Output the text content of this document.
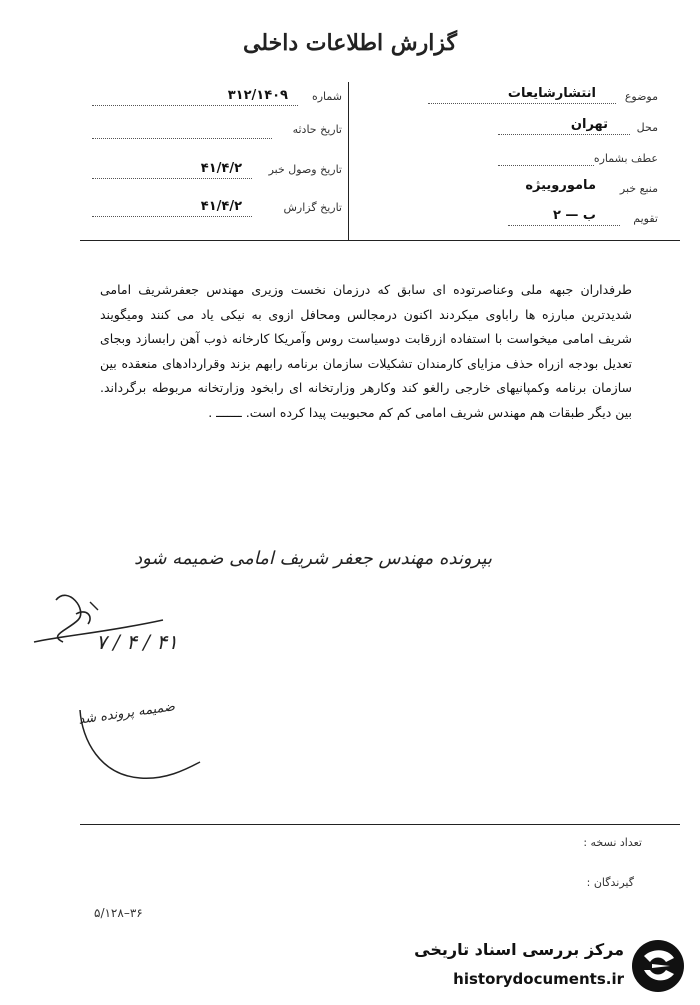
گزارش اطلاعات داخلی
شماره
۳۱۲/۱۴۰۹
تاریخ حادثه
تاریخ وصول خبر
۴۱/۴/۲
تاریخ گزارش
۴۱/۴/۲
موضوع
انتشارشایعات
محل
تهران
عطف بشماره
منبع خبر
ماموروییژه
تقویم
ب — ۲

طرفداران جبهه ملی وعناصرتوده ای سابق که درزمان نخست وزیری مهندس جعفرشریف امامی شدیدترین مبارزه ها راباوی میکردند اکنون درمجالس ومحافل ازوی به نیکی یاد می کنند ومیگویند شریف امامی میخواست با استفاده ازرقابت دوسیاست روس وآمریکا کارخانه ذوب آهن رابسازد وبجای تعدیل بودجه ازراه حذف مزایای کارمندان تشکیلات سازمان برنامه رابهم بزند وقراردادهای منعقده بین سازمان برنامه وکمپانیهای خارجی رالغو کند وکارهر وزارتخانه ای رابخود وزارتخانه مربوطه برگرداند. بین دیگر طبقات هم مهندس شریف امامی کم کم محبوبیت پیدا کرده است. ـــــــ .

بپرونده مهندس جعفر شریف امامی ضمیمه شود
۷ / ۴ / ۴۱
ضمیمه پرونده شد
تعداد نسخه :
گیرندگان :
۵/۱۲۸–۳۶
مرکز بررسی اسناد تاریخی
historydocuments.ir
